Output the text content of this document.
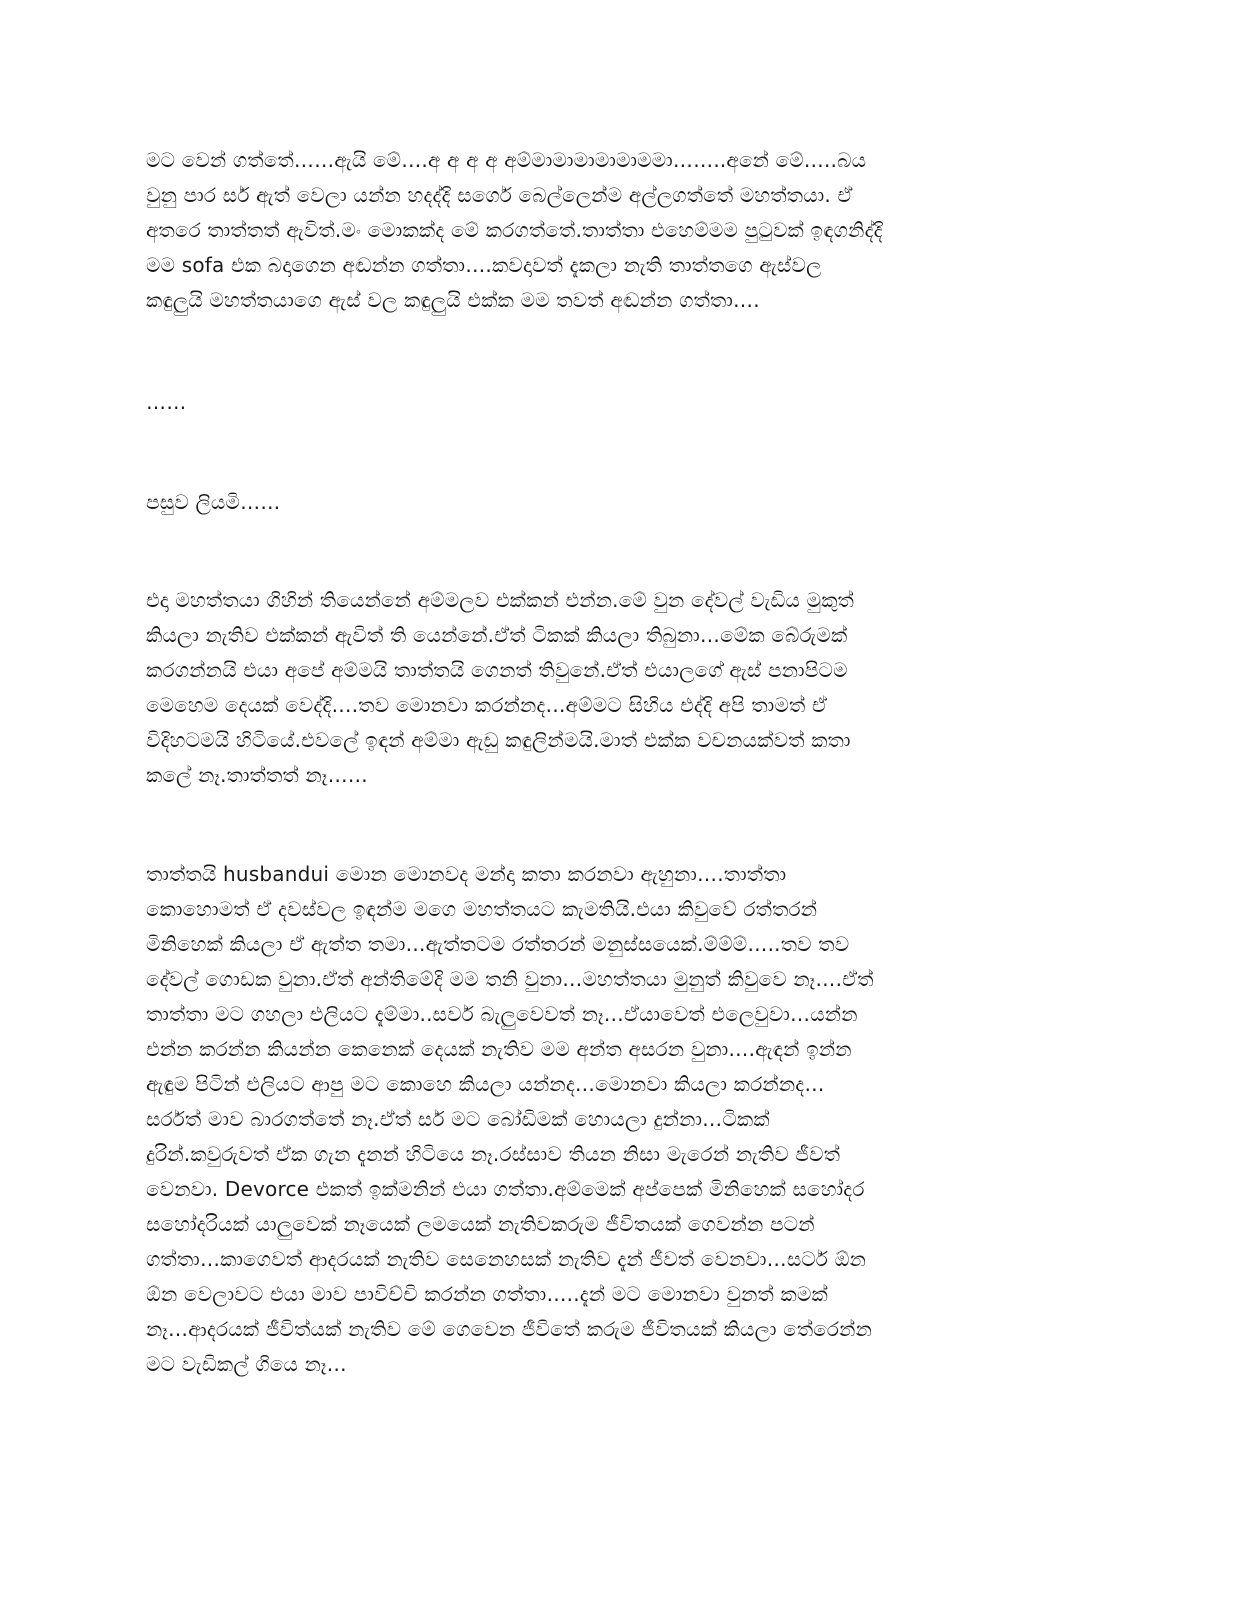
මට වෙන් ගත්තේ……ඇයි මේ….අ අ අ අ අම්මාමාමාමාමාමමා……..අනේ මේ…..බය
වුනු පාර සර් ඇත් වෙලා යන්න හදද්දි සර්ගෙ බෙල්ලෙන්ම අල්ලගත්තේ මහත්තයා. ඒ
අතරෙ තාත්තත් ඇවිත්.මං මොකක්ද මේ කරගත්තේ.තාත්තා එහෙම්මම පුටුවක් ඉඳගනිද්දි
මම sofa එක බදාගෙන අඬන්න ගත්තා….කවදාවත් දැකලා නැති තාත්තගෙ ඇස්වල
කඳුලුයි මහත්තයාගෙ ඇස් වල කඳුලුයි එක්ක මම තවත් අඬන්න ගත්තා….
……
පසුව ලියමි……
එදා මහත්තයා ගිහින් තියෙන්නේ අම්මලව එක්කන් එන්න.මේ වුන දේවල් වැඩිය මුකුත්
කියලා නැතිව එක්කන් ඇවිත් ති යෙන්නේ.ඒත් ටිකක් කියලා තිබුනා…මේක බේරුමක්
කරගන්නයි එයා අපේ අම්මයි තාත්තයි ගෙනත් තිවුනේ.ඒත් එයාලගේ ඇස් පනාපිටම
මෙහෙම දෙයක් වෙද්දි….තව මොනවා කරන්නද…අම්මට සිහිය එද්දි අපි තාමත් ඒ
විදිහටමයි හිටියේ.එවලේ ඉඳන් අම්මා ඇඩු කඳුලින්මයි.මාත් එක්ක වචනයක්වත් කතා
කලේ නෑ.තාත්තත් නෑ……
තාත්තයි husbandui මොන මොනවද මන්දා කතා කරනවා ඇහුනා….තාත්තා
කොහොමත් ඒ දවස්වල ඉඳන්ම මගෙ මහත්තයට කැමතියි.එයා කිවුවේ රත්තරන්
මිනිහෙක් කියලා ඒ ඇත්ත තමා…ඇත්තටම රත්තරන් මනුස්සයෙක්.ම්ම්ම්…..තව තව
දේවල් ගොඩක වුනා.ඒත් අන්තිමේදි මම තනි වුනා…මහත්තයා මුනුත් කිවුවෙ නෑ….ඒත්
තාත්තා මට ගහලා එලියට දැම්මා..සර්ව බැලුවෙවත් නෑ…ඒයාවෙත් එලෙවුවා…යන්න
එන්න කරන්න කියන්න කෙනෙක් දෙයක් නැතිව මම අන්ත අසරන වුනා….ඇඳන් ඉන්න
ඇඳුම පිටින් එලියට ආපු මට කොහෙ කියලා යන්නද…මොනවා කියලා කරන්නද…
සර්රත් මාව බාරගත්තේ නෑ.ඒත් සර් මට බෝඩිමක් හොයලා දුන්නා…ටිකක්
දුරින්.කවුරුවත් ඒක ගැන දැනන් හිටියෙ නෑ.රස්සාව තියන නිසා මැරෙන් නැතිව ජීවත්
වෙනවා. Devorce එකත් ඉක්මනින් එයා ගත්තා.අම්මෙක් අප්පෙක් මිනිහෙක් සහෝදර
සහෝදරියක් යාලුවෙක් නෑයෙක් ලමයෙක් නැතිවකරුම ජීවිතයක් ගෙවන්න පටන්
ගත්තා…කාගෙවත් ආදරයක් නැතිව සෙනෙහසක් නැතිව දැන් ජීවත් වෙනවා…සර්ට ඕන
ඕන වෙලාවට එයා මාව පාවිච්චි කරන්න ගත්තා…..දැන් මට මොනවා වුනත් කමක්
නෑ…ආදරයක් ජීවිත්යක් නැතිව මේ ගෙවෙන ජීවිතේ කරුම ජීවිතයක් කියලා තේරෙන්න
මට වැඩිකල් ගියෙ නෑ…
